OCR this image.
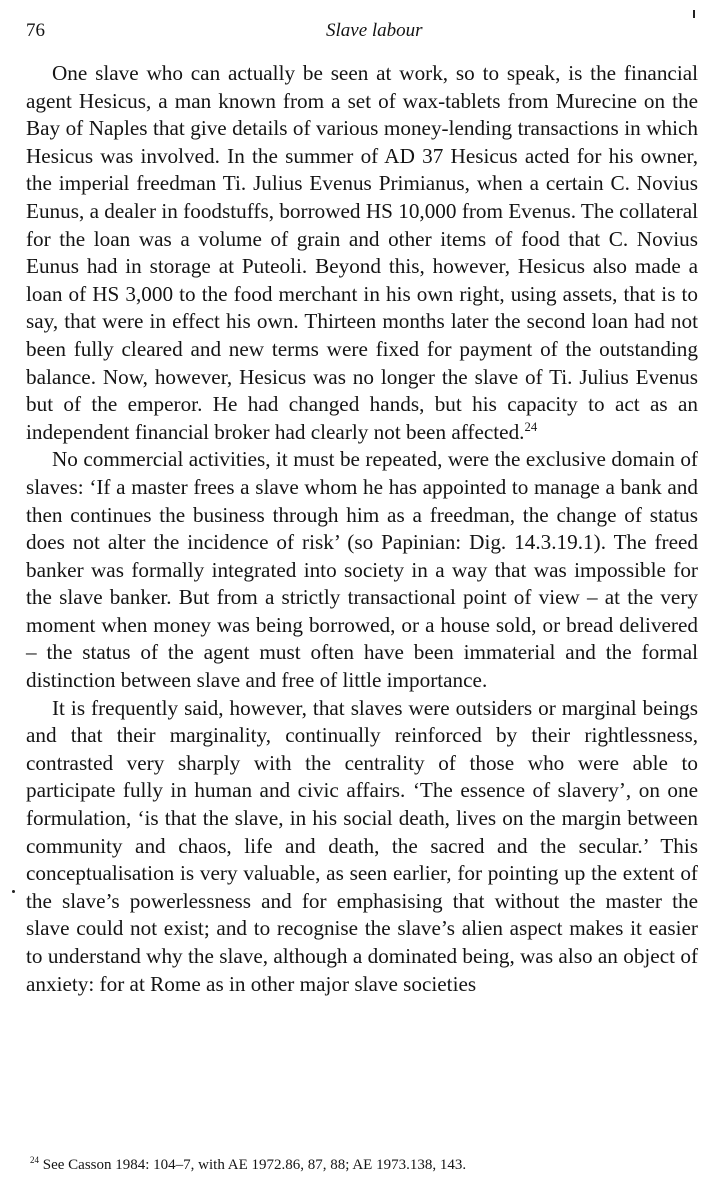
76	Slave labour

One slave who can actually be seen at work, so to speak, is the financial agent Hesicus, a man known from a set of wax-tablets from Murecine on the Bay of Naples that give details of various money-lending transactions in which Hesicus was involved. In the summer of AD 37 Hesicus acted for his owner, the imperial freedman Ti. Julius Evenus Primianus, when a certain C. Novius Eunus, a dealer in foodstuffs, borrowed HS 10,000 from Evenus. The collateral for the loan was a volume of grain and other items of food that C. Novius Eunus had in storage at Puteoli. Beyond this, however, Hesicus also made a loan of HS 3,000 to the food merchant in his own right, using assets, that is to say, that were in effect his own. Thirteen months later the second loan had not been fully cleared and new terms were fixed for payment of the outstanding balance. Now, however, Hesicus was no longer the slave of Ti. Julius Evenus but of the emperor. He had changed hands, but his capacity to act as an independent financial broker had clearly not been affected.$^{24}$

No commercial activities, it must be repeated, were the exclusive domain of slaves: ‘If a master frees a slave whom he has appointed to manage a bank and then continues the business through him as a freedman, the change of status does not alter the incidence of risk’ (so Papinian: Dig. 14.3.19.1). The freed banker was formally integrated into society in a way that was impossible for the slave banker. But from a strictly transactional point of view – at the very moment when money was being borrowed, or a house sold, or bread delivered – the status of the agent must often have been immaterial and the formal distinction between slave and free of little importance.

It is frequently said, however, that slaves were outsiders or marginal beings and that their marginality, continually reinforced by their rightlessness, contrasted very sharply with the centrality of those who were able to participate fully in human and civic affairs. ‘The essence of slavery’, on one formulation, ‘is that the slave, in his social death, lives on the margin between community and chaos, life and death, the sacred and the secular.’ This conceptualisation is very valuable, as seen earlier, for pointing up the extent of the slave’s powerlessness and for emphasising that without the master the slave could not exist; and to recognise the slave’s alien aspect makes it easier to understand why the slave, although a dominated being, was also an object of anxiety: for at Rome as in other major slave societies

$^{24}$ See Casson 1984: 104–7, with AE 1972.86, 87, 88; AE 1973.138, 143.
